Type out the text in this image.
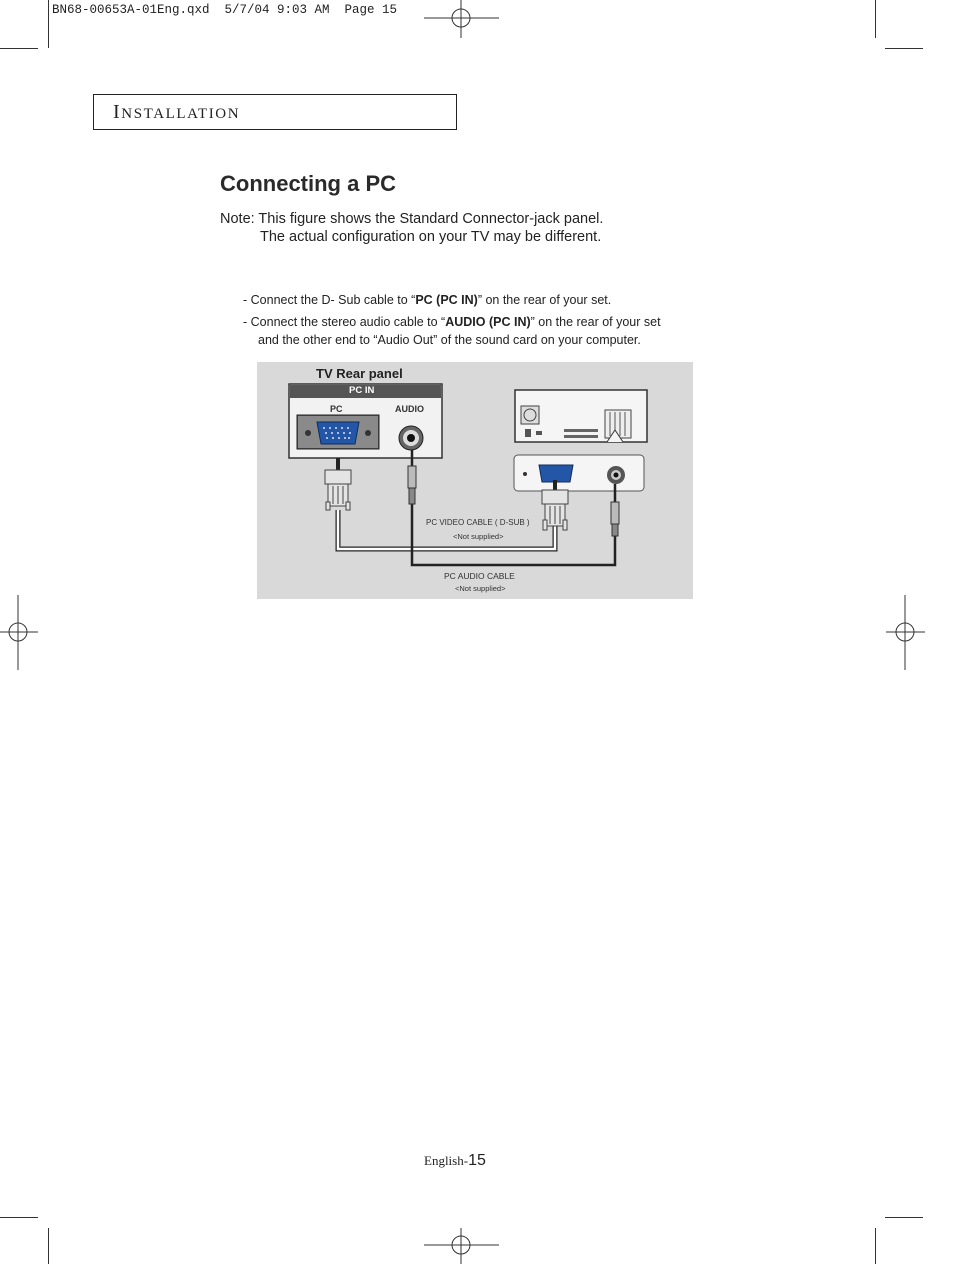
BN68-00653A-01Eng.qxd  5/7/04 9:03 AM  Page 15
INSTALLATION
Connecting a PC
Note: This figure shows the Standard Connector-jack panel.
The actual configuration on your TV may be different.
- Connect the D- Sub cable to “PC (PC IN)” on the rear of your set.
- Connect the stereo audio cable to “AUDIO (PC IN)” on the rear of your set
and the other end to “Audio Out” of the sound card on your computer.
TV Rear panel
PC IN
PC	AUDIO
PC VIDEO CABLE ( D-SUB )
<Not supplied>
PC AUDIO CABLE
<Not supplied>
English-15
